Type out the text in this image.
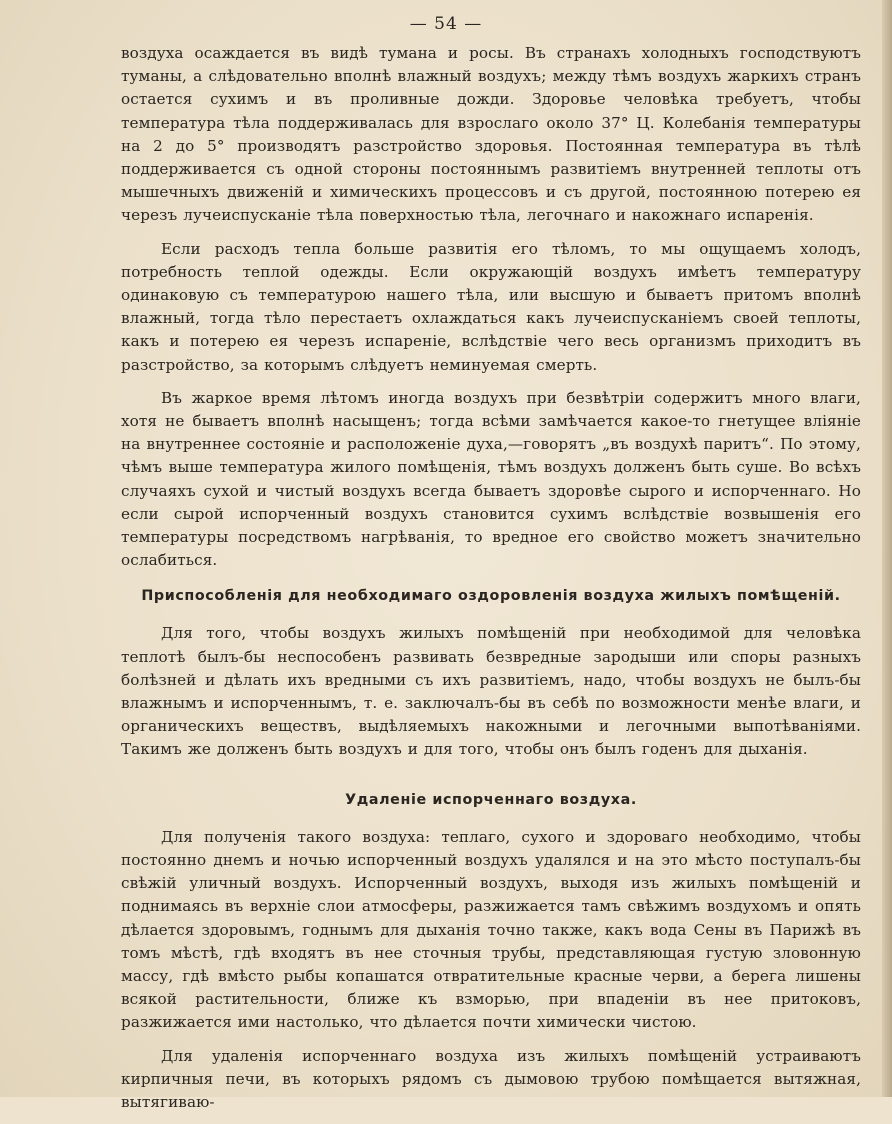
— 54 —

воздуха осаждается въ видѣ тумана и росы. Въ странахъ холодныхъ господствуютъ туманы, а слѣдовательно вполнѣ влажный воздухъ; между тѣмъ воздухъ жаркихъ странъ остается сухимъ и въ проливные дожди. Здоровье человѣка требуетъ, чтобы температура тѣла поддерживалась для взрослаго около 37° Ц. Колебанія температуры на 2 до 5° производятъ разстройство здоровья. Постоянная температура въ тѣлѣ поддерживается съ одной стороны постояннымъ развитіемъ внутренней теплоты отъ мышечныхъ движеній и химическихъ процессовъ и съ другой, постоянною потерею ея черезъ лучеиспусканіе тѣла поверхностью тѣла, легочнаго и накожнаго испаренія.

Если расходъ тепла больше развитія его тѣломъ, то мы ощущаемъ холодъ, потребность теплой одежды. Если окружающій воздухъ имѣетъ температуру одинаковую съ температурою нашего тѣла, или высшую и бываетъ притомъ вполнѣ влажный, тогда тѣло перестаетъ охлаждаться какъ лучеиспусканіемъ своей теплоты, какъ и потерею ея черезъ испареніе, вслѣдствіе чего весь организмъ приходитъ въ разстройство, за которымъ слѣдуетъ неминуемая смерть.

Въ жаркое время лѣтомъ иногда воздухъ при безвѣтріи содержитъ много влаги, хотя не бываетъ вполнѣ насыщенъ; тогда всѣми замѣчается какое-то гнетущее вліяніе на внутреннее состояніе и расположеніе духа,—говорятъ „въ воздухѣ паритъ“. По этому, чѣмъ выше температура жилого помѣщенія, тѣмъ воздухъ долженъ быть суше. Во всѣхъ случаяхъ сухой и чистый воздухъ всегда бываетъ здоровѣе сырого и испорченнаго. Но если сырой испорченный воздухъ становится сухимъ вслѣдствіе возвышенія его температуры посредствомъ нагрѣванія, то вредное его свойство можетъ значительно ослабиться.

Приспособленія для необходимаго оздоровленія воздуха жилыхъ помѣщеній.

Для того, чтобы воздухъ жилыхъ помѣщеній при необходимой для человѣка теплотѣ былъ-бы неспособенъ развивать безвредные зародыши или споры разныхъ болѣзней и дѣлать ихъ вредными съ ихъ развитіемъ, надо, чтобы воздухъ не былъ-бы влажнымъ и испорченнымъ, т. е. заключалъ-бы въ себѣ по возможности менѣе влаги, и органическихъ веществъ, выдѣляемыхъ накожными и легочными выпотѣваніями. Такимъ же долженъ быть воздухъ и для того, чтобы онъ былъ годенъ для дыханія.

Удаленіе испорченнаго воздуха.

Для полученія такого воздуха: теплаго, сухого и здороваго необходимо, чтобы постоянно днемъ и ночью испорченный воздухъ удалялся и на это мѣсто поступалъ-бы свѣжій уличный воздухъ. Испорченный воздухъ, выходя изъ жилыхъ помѣщеній и поднимаясь въ верхніе слои атмосферы, разжижается тамъ свѣжимъ воздухомъ и опять дѣлается здоровымъ, годнымъ для дыханія точно также, какъ вода Сены въ Парижѣ въ томъ мѣстѣ, гдѣ входятъ въ нее сточныя трубы, представляющая густую зловонную массу, гдѣ вмѣсто рыбы копашатся отвратительные красные черви, а берега лишены всякой растительности, ближе къ взморью, при впаденіи въ нее притоковъ, разжижается ими настолько, что дѣлается почти химически чистою.

Для удаленія испорченнаго воздуха изъ жилыхъ помѣщеній устраиваютъ кирпичныя печи, въ которыхъ рядомъ съ дымовою трубою помѣщается вытяжная, вытягиваю-
